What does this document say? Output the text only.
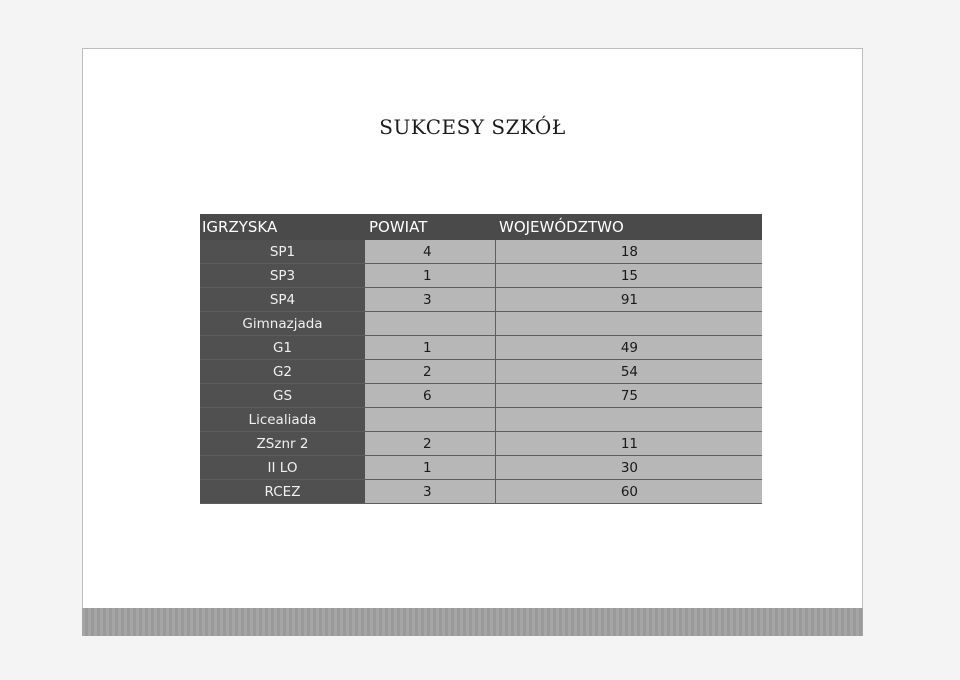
SUKCESY SZKÓŁ
IGRZYSKA	POWIAT	WOJEWÓDZTWO
SP1	4	18
SP3	1	15
SP4	3	91
Gimnazjada		
G1	1	49
G2	2	54
GS	6	75
Licealiada		
ZSznr 2	2	11
II LO	1	30
RCEZ	3	60
